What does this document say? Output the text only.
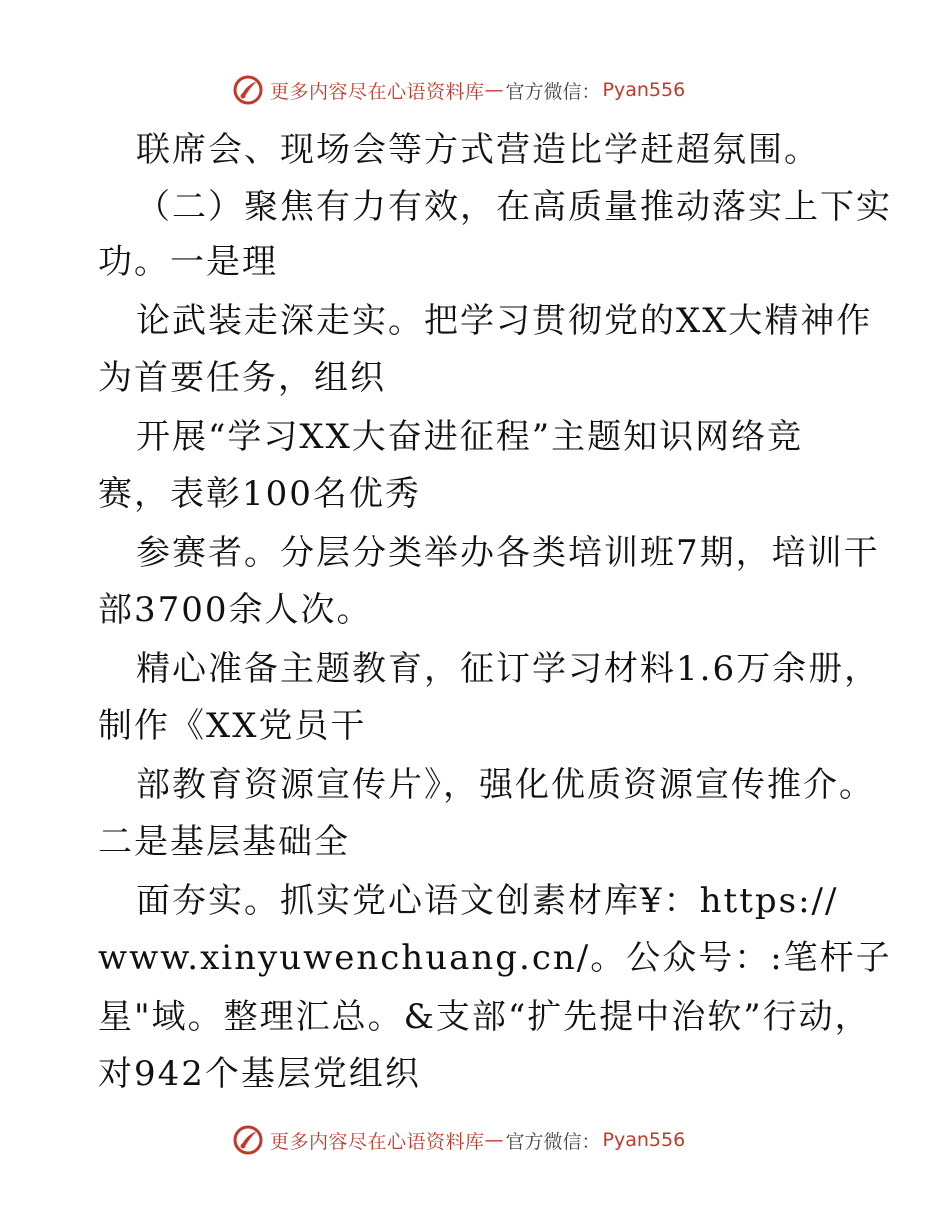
更多内容尽在心语资料库 — 官方微信： Pyan556
联席会、现场会等方式营造比学赶超氛围。
（二）聚焦有力有效，在高质量推动落实上下实
功。一是理
论武装走深走实。把学习贯彻党的XX大精神作
为首要任务，组织
开展“学习XX大奋进征程”主题知识网络竞
赛，表彰100名优秀
参赛者。分层分类举办各类培训班7期，培训干
部3700余人次。
精心准备主题教育，征订学习材料1.6万余册，
制作《XX党员干
部教育资源宣传片》，强化优质资源宣传推介。
二是基层基础全
面夯实。抓实党心语文创素材库¥：https://
www.xinyuwenchuang.cn/。公众号：:笔杆子
星"域。整理汇总。&支部“扩先提中治软”行动，
对942个基层党组织
更多内容尽在心语资料库 — 官方微信： Pyan556
